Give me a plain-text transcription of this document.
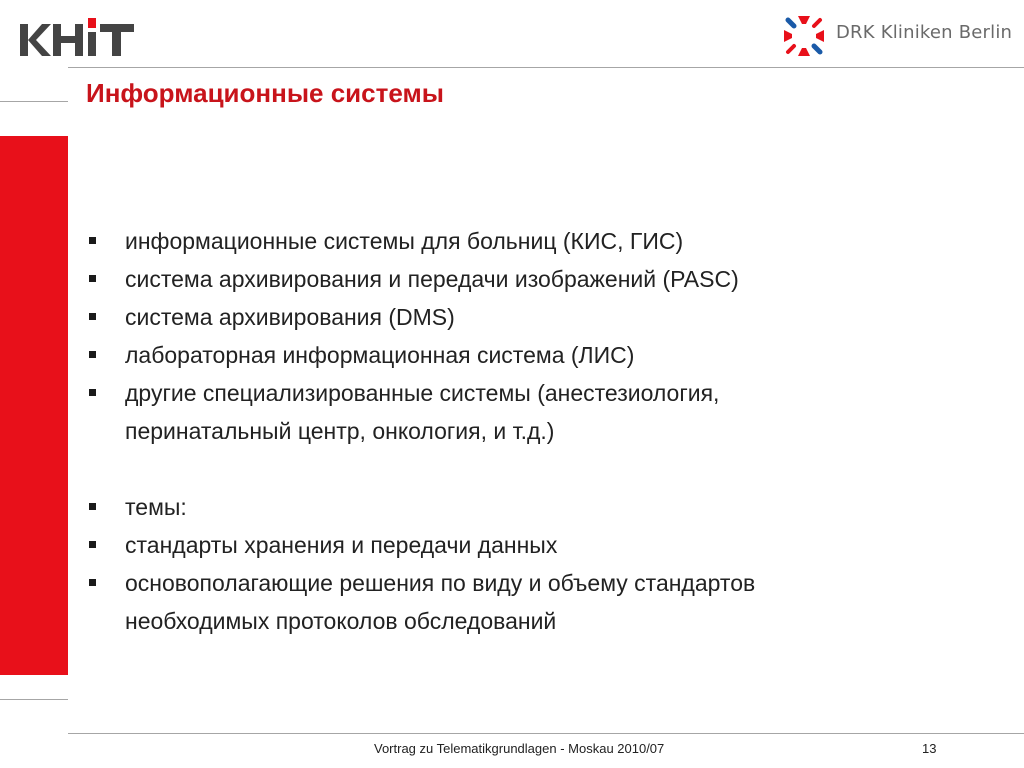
DRK Kliniken Berlin
Информационные системы
информационные системы для больниц (КИС, ГИС)
система архивирования и передачи изображений (PASC)
система архивирования (DMS)
лабораторная информационная система (ЛИС)
другие специализированные системы (анестезиология,
перинатальный центр, онкология, и т.д.)
темы:
стандарты хранения и передачи данных
основополагающие решения по виду и объему стандартов
необходимых протоколов обследований
Vortrag zu Telematikgrundlagen - Moskau 2010/07	13
